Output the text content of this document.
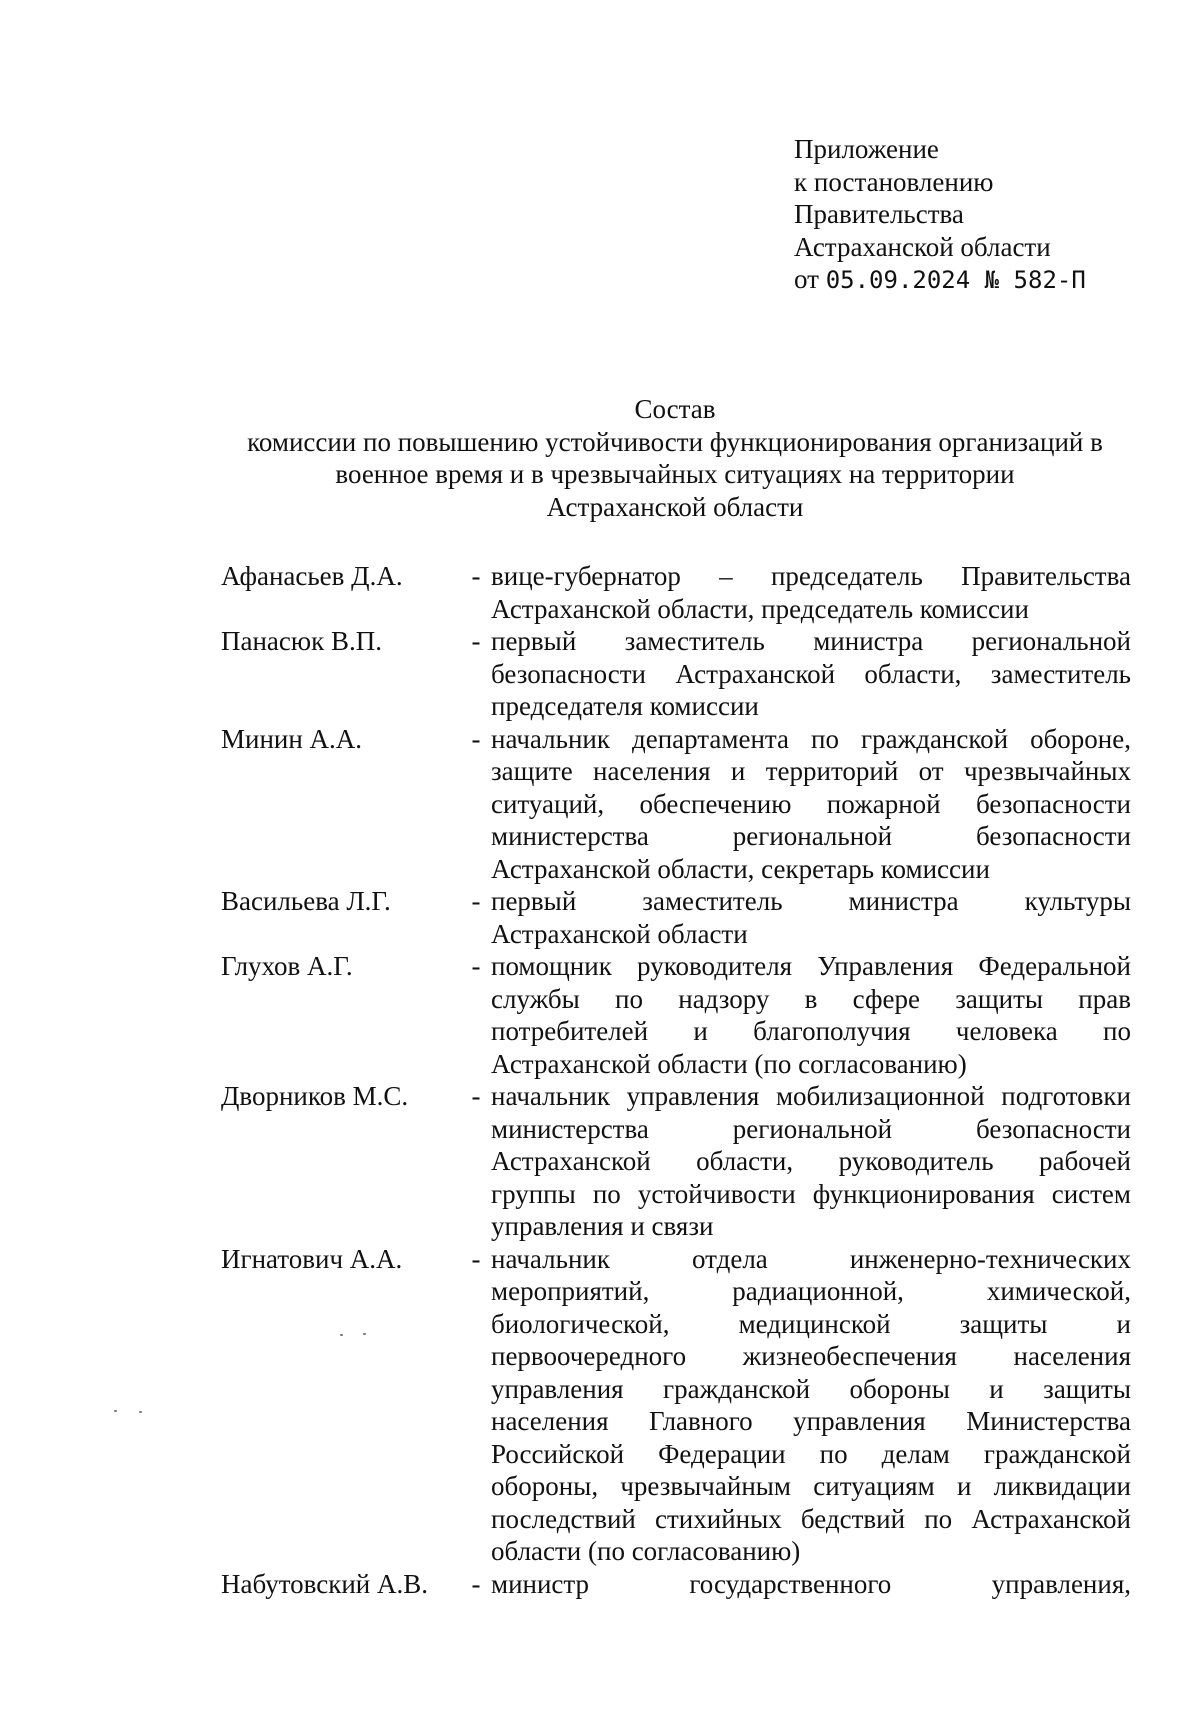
Приложение
к постановлению
Правительства
Астраханской области
от 05.09.2024 № 582-П
Состав
комиссии по повышению устойчивости функционирования организаций в
военное время и в чрезвычайных ситуациях на территории
Астраханской области
Афанасьев Д.А.	- вице-губернатор – председатель Правительства
Астраханской области, председатель комиссии
Панасюк В.П.	- первый заместитель министра региональной
безопасности Астраханской области, заместитель
председателя комиссии
Минин А.А.	- начальник департамента по гражданской обороне,
защите населения и территорий от чрезвычайных
ситуаций, обеспечению пожарной безопасности
министерства региональной безопасности
Астраханской области, секретарь комиссии
Васильева Л.Г.	- первый заместитель министра культуры
Астраханской области
Глухов А.Г.	- помощник руководителя Управления Федеральной
службы по надзору в сфере защиты прав
потребителей и благополучия человека по
Астраханской области (по согласованию)
Дворников М.С.	- начальник управления мобилизационной подготовки
министерства региональной безопасности
Астраханской области, руководитель рабочей
группы по устойчивости функционирования систем
управления и связи
Игнатович А.А.	- начальник отдела инженерно-технических
мероприятий, радиационной, химической,
биологической, медицинской защиты и
первоочередного жизнеобеспечения населения
управления гражданской обороны и защиты
населения Главного управления Министерства
Российской Федерации по делам гражданской
обороны, чрезвычайным ситуациям и ликвидации
последствий стихийных бедствий по Астраханской
области (по согласованию)
Набутовский А.В.	- министр государственного управления,
